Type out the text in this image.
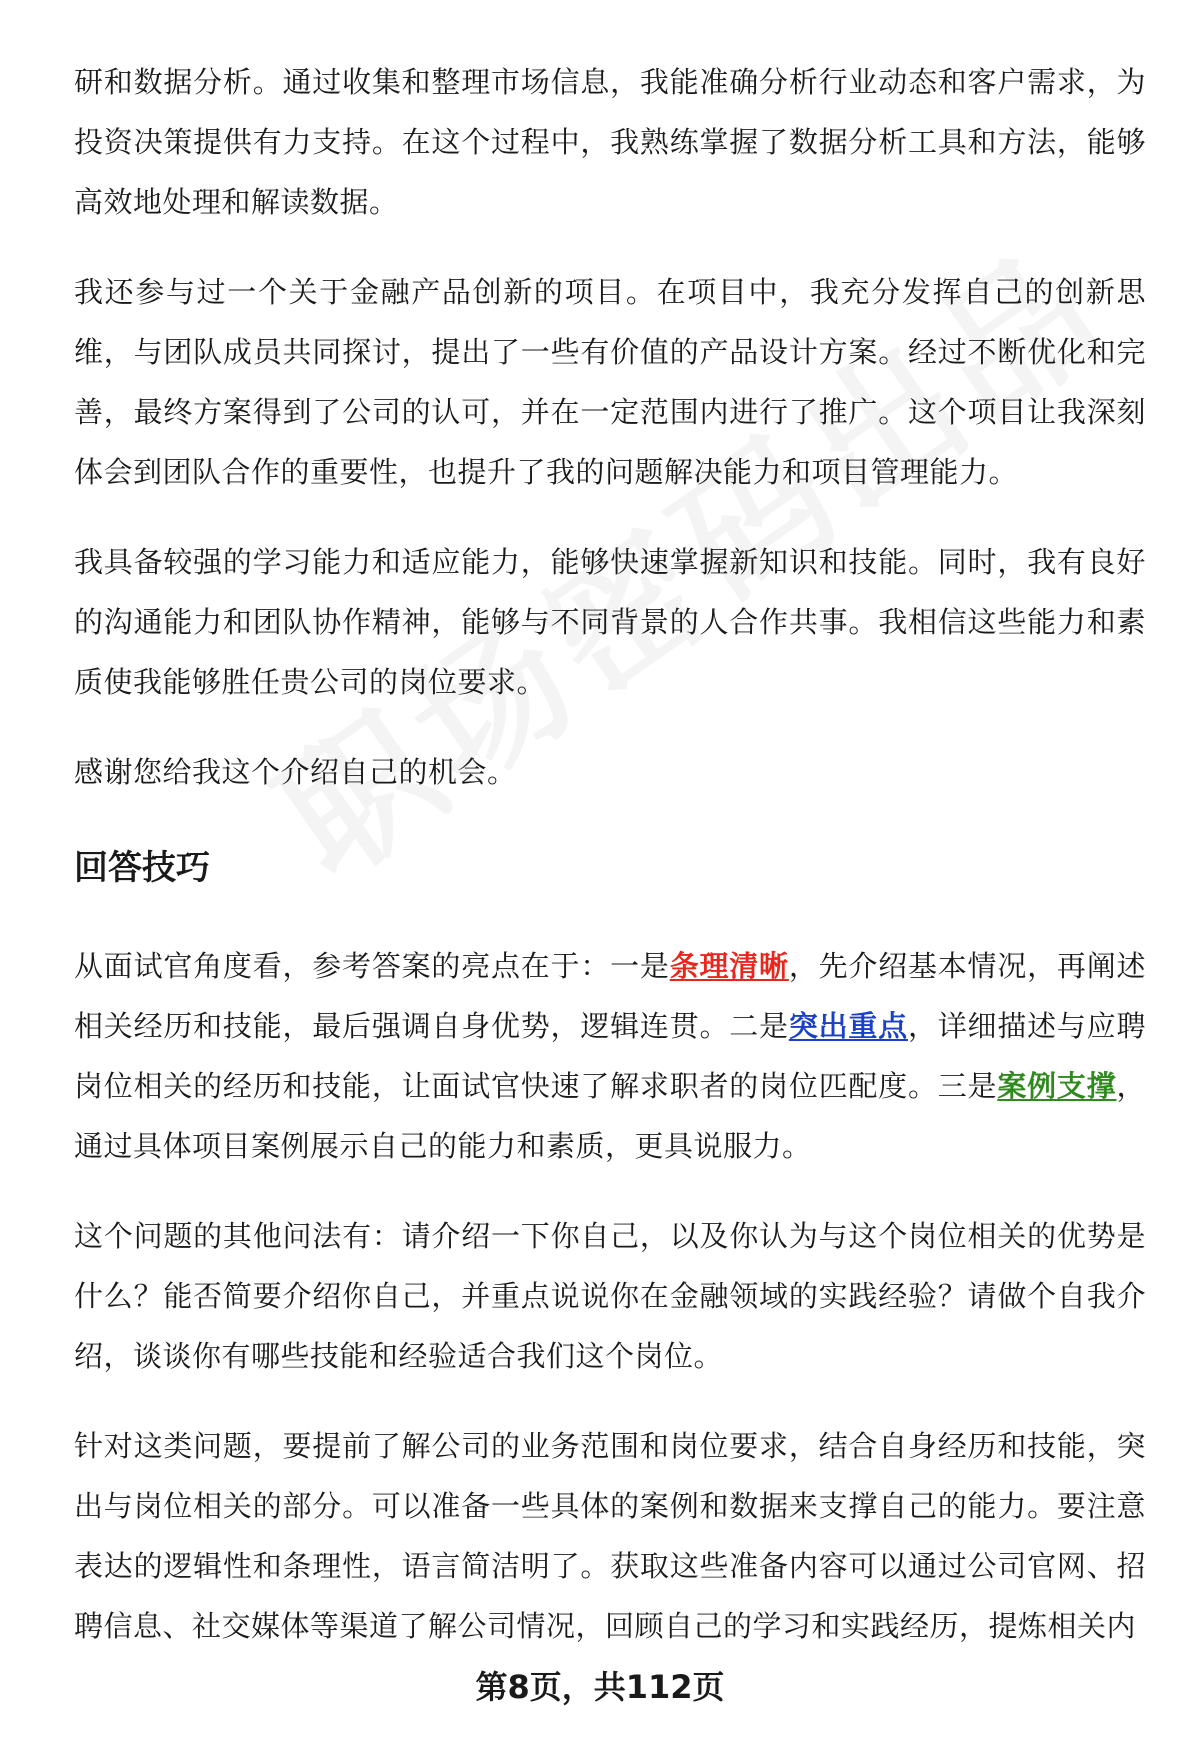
研和数据分析。通过收集和整理市场信息，我能准确分析行业动态和客户需求，为投资决策提供有力支持。在这个过程中，我熟练掌握了数据分析工具和方法，能够高效地处理和解读数据。

我还参与过一个关于金融产品创新的项目。在项目中，我充分发挥自己的创新思维，与团队成员共同探讨，提出了一些有价值的产品设计方案。经过不断优化和完善，最终方案得到了公司的认可，并在一定范围内进行了推广。这个项目让我深刻体会到团队合作的重要性，也提升了我的问题解决能力和项目管理能力。

我具备较强的学习能力和适应能力，能够快速掌握新知识和技能。同时，我有良好的沟通能力和团队协作精神，能够与不同背景的人合作共事。我相信这些能力和素质使我能够胜任贵公司的岗位要求。

感谢您给我这个介绍自己的机会。

回答技巧

从面试官角度看，参考答案的亮点在于：一是条理清晰，先介绍基本情况，再阐述相关经历和技能，最后强调自身优势，逻辑连贯。二是突出重点，详细描述与应聘岗位相关的经历和技能，让面试官快速了解求职者的岗位匹配度。三是案例支撑，通过具体项目案例展示自己的能力和素质，更具说服力。

这个问题的其他问法有：请介绍一下你自己，以及你认为与这个岗位相关的优势是什么？能否简要介绍你自己，并重点说说你在金融领域的实践经验？请做个自我介绍，谈谈你有哪些技能和经验适合我们这个岗位。

针对这类问题，要提前了解公司的业务范围和岗位要求，结合自身经历和技能，突出与岗位相关的部分。可以准备一些具体的案例和数据来支撑自己的能力。要注意表达的逻辑性和条理性，语言简洁明了。获取这些准备内容可以通过公司官网、招聘信息、社交媒体等渠道了解公司情况，回顾自己的学习和实践经历，提炼相关内

第8页，共112页
